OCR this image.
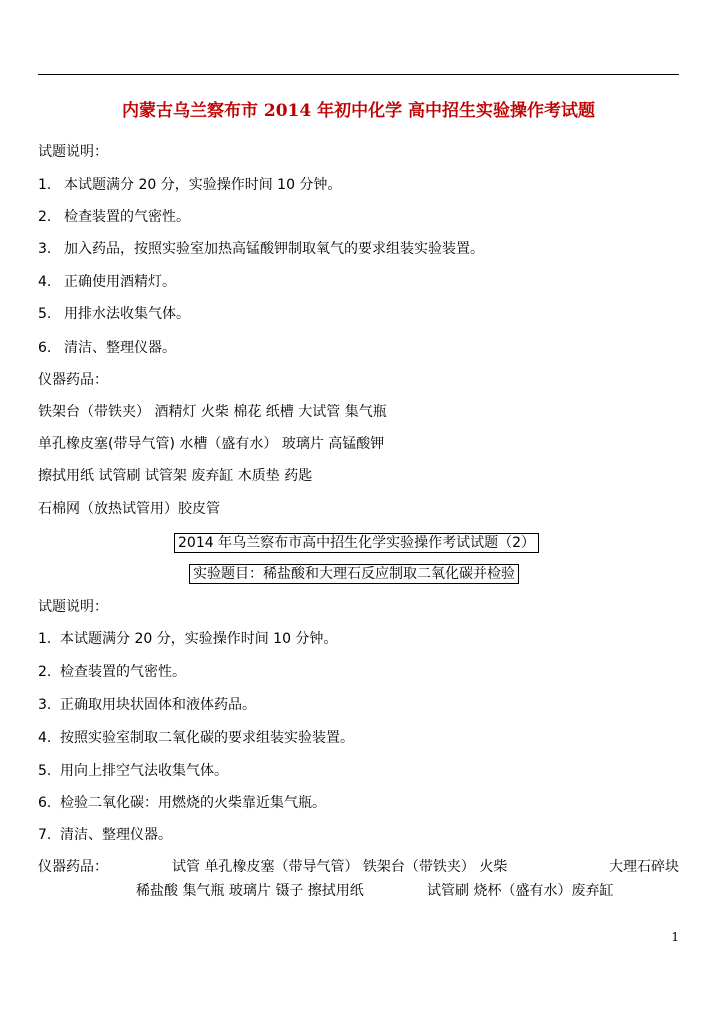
内蒙古乌兰察布市 2014 年初中化学 高中招生实验操作考试题
试题说明：
1. 本试题满分 20 分，实验操作时间 10 分钟。
2. 检查装置的气密性。
3. 加入药品，按照实验室加热高锰酸钾制取氧气的要求组装实验装置。
4. 正确使用酒精灯。
5. 用排水法收集气体。
6. 清洁、整理仪器。
仪器药品：
铁架台（带铁夹） 酒精灯 火柴 棉花 纸槽 大试管 集气瓶
单孔橡皮塞(带导气管) 水槽（盛有水） 玻璃片 高锰酸钾
擦拭用纸 试管刷 试管架 废弃缸 木质垫 药匙
石棉网（放热试管用）胶皮管
2014 年乌兰察布市高中招生化学实验操作考试试题（2）
实验题目：稀盐酸和大理石反应制取二氧化碳并检验
试题说明：
1. 本试题满分 20 分，实验操作时间 10 分钟。
2. 检查装置的气密性。
3. 正确取用块状固体和液体药品。
4. 按照实验室制取二氧化碳的要求组装实验装置。
5. 用向上排空气法收集气体。
6. 检验二氧化碳：用燃烧的火柴靠近集气瓶。
7. 清洁、整理仪器。
仪器药品：	试管 单孔橡皮塞（带导气管） 铁架台（带铁夹） 火柴	大理石碎块
稀盐酸 集气瓶 玻璃片 镊子 擦拭用纸	试管刷 烧杯（盛有水）废弃缸
1
